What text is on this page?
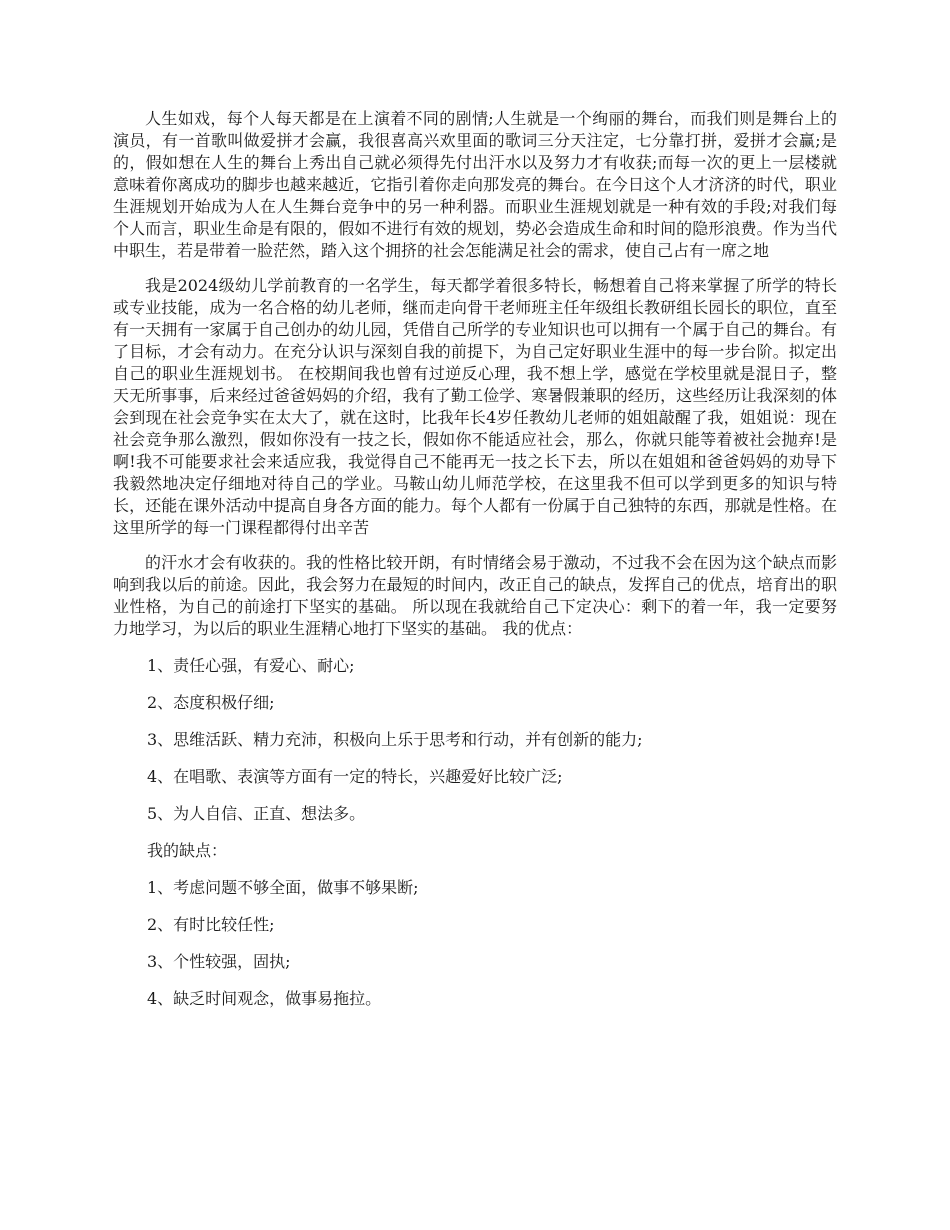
人生如戏，每个人每天都是在上演着不同的剧情;人生就是一个绚丽的舞台，而我们则是舞台上的演员，有一首歌叫做爱拼才会赢，我很喜高兴欢里面的歌词三分天注定，七分靠打拼，爱拼才会赢;是的，假如想在人生的舞台上秀出自己就必须得先付出汗水以及努力才有收获;而每一次的更上一层楼就意味着你离成功的脚步也越来越近，它指引着你走向那发亮的舞台。在今日这个人才济济的时代，职业生涯规划开始成为人在人生舞台竞争中的另一种利器。而职业生涯规划就是一种有效的手段;对我们每个人而言，职业生命是有限的，假如不进行有效的规划，势必会造成生命和时间的隐形浪费。作为当代中职生，若是带着一脸茫然，踏入这个拥挤的社会怎能满足社会的需求，使自己占有一席之地

我是2024级幼儿学前教育的一名学生，每天都学着很多特长，畅想着自己将来掌握了所学的特长或专业技能，成为一名合格的幼儿老师，继而走向骨干老师班主任年级组长教研组长园长的职位，直至有一天拥有一家属于自己创办的幼儿园，凭借自己所学的专业知识也可以拥有一个属于自己的舞台。有了目标，才会有动力。在充分认识与深刻自我的前提下，为自己定好职业生涯中的每一步台阶。拟定出自己的职业生涯规划书。 在校期间我也曾有过逆反心理，我不想上学，感觉在学校里就是混日子，整天无所事事，后来经过爸爸妈妈的介绍，我有了勤工俭学、寒暑假兼职的经历，这些经历让我深刻的体会到现在社会竞争实在太大了，就在这时，比我年长4岁任教幼儿老师的姐姐敲醒了我，姐姐说：现在社会竞争那么激烈，假如你没有一技之长，假如你不能适应社会，那么，你就只能等着被社会抛弃!是啊!我不可能要求社会来适应我，我觉得自己不能再无一技之长下去，所以在姐姐和爸爸妈妈的劝导下我毅然地决定仔细地对待自己的学业。马鞍山幼儿师范学校，在这里我不但可以学到更多的知识与特长，还能在课外活动中提高自身各方面的能力。每个人都有一份属于自己独特的东西，那就是性格。在这里所学的每一门课程都得付出辛苦

的汗水才会有收获的。我的性格比较开朗，有时情绪会易于激动，不过我不会在因为这个缺点而影响到我以后的前途。因此，我会努力在最短的时间内，改正自己的缺点，发挥自己的优点，培育出的职业性格，为自己的前途打下坚实的基础。 所以现在我就给自己下定决心：剩下的着一年，我一定要努力地学习，为以后的职业生涯精心地打下坚实的基础。 我的优点：

1、责任心强，有爱心、耐心;
2、态度积极仔细;
3、思维活跃、精力充沛，积极向上乐于思考和行动，并有创新的能力;
4、在唱歌、表演等方面有一定的特长，兴趣爱好比较广泛;
5、为人自信、正直、想法多。

我的缺点：

1、考虑问题不够全面，做事不够果断;
2、有时比较任性;
3、个性较强，固执;
4、缺乏时间观念，做事易拖拉。
